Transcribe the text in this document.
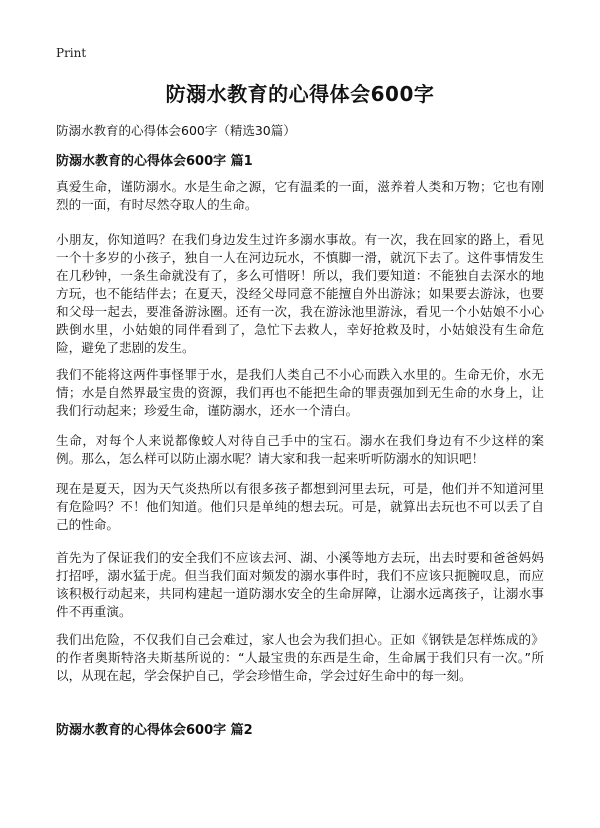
Print
防溺水教育的心得体会600字
防溺水教育的心得体会600字（精选30篇）
防溺水教育的心得体会600字 篇1

真爱生命，谨防溺水。水是生命之源，它有温柔的一面，滋养着人类和万物；它也有刚烈的一面，有时尽然夺取人的生命。

小朋友，你知道吗？在我们身边发生过许多溺水事故。有一次，我在回家的路上，看见一个十多岁的小孩子，独自一人在河边玩水，不慎脚一滑，就沉下去了。这件事情发生在几秒钟，一条生命就没有了，多么可惜呀！所以，我们要知道：不能独自去深水的地方玩，也不能结伴去；在夏天，没经父母同意不能擅自外出游泳；如果要去游泳，也要和父母一起去，要准备游泳圈。还有一次，我在游泳池里游泳，看见一个小姑娘不小心跌倒水里，小姑娘的同伴看到了，急忙下去救人，幸好抢救及时，小姑娘没有生命危险，避免了悲剧的发生。

我们不能将这两件事怪罪于水，是我们人类自己不小心而跌入水里的。生命无价，水无情；水是自然界最宝贵的资源，我们再也不能把生命的罪责强加到无生命的水身上，让我们行动起来；珍爱生命，谨防溺水，还水一个清白。

生命，对每个人来说都像蛟人对待自己手中的宝石。溺水在我们身边有不少这样的案例。那么，怎么样可以防止溺水呢？请大家和我一起来听听防溺水的知识吧！

现在是夏天，因为天气炎热所以有很多孩子都想到河里去玩，可是，他们并不知道河里有危险吗？不！他们知道。他们只是单纯的想去玩。可是，就算出去玩也不可以丢了自己的性命。

首先为了保证我们的安全我们不应该去河、湖、小溪等地方去玩，出去时要和爸爸妈妈打招呼，溺水猛于虎。但当我们面对频发的溺水事件时，我们不应该只扼腕叹息，而应该积极行动起来，共同构建起一道防溺水安全的生命屏障，让溺水远离孩子，让溺水事件不再重演。

我们出危险，不仅我们自己会难过，家人也会为我们担心。正如《钢铁是怎样炼成的》的作者奥斯特洛夫斯基所说的：“人最宝贵的东西是生命，生命属于我们只有一次。”所以，从现在起，学会保护自己，学会珍惜生命，学会过好生命中的每一刻。

防溺水教育的心得体会600字 篇2
